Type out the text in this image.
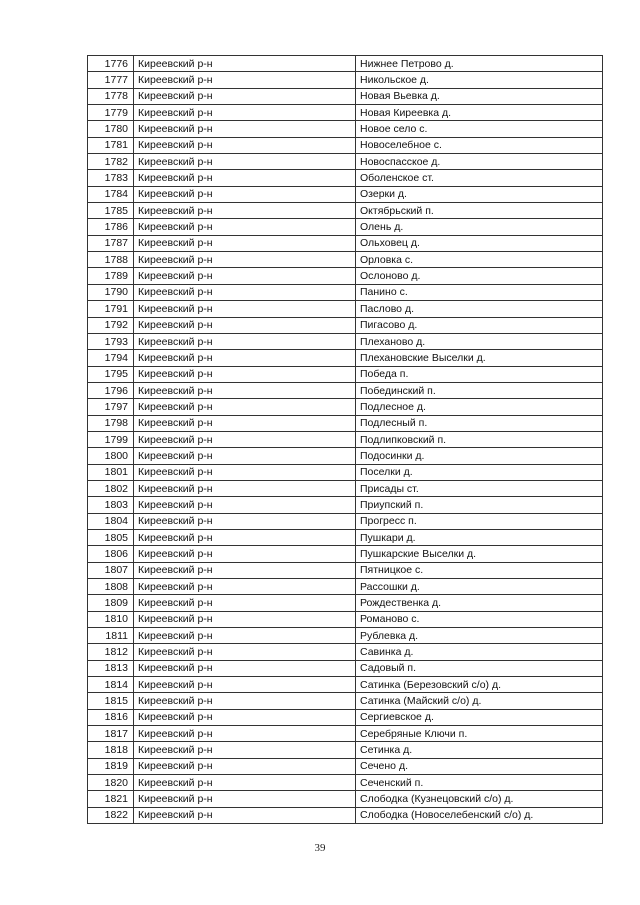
1776	Киреевский р-н	Нижнее Петрово д.
1777	Киреевский р-н	Никольское д.
1778	Киреевский р-н	Новая Вьевка д.
1779	Киреевский р-н	Новая Киреевка д.
1780	Киреевский р-н	Новое село с.
1781	Киреевский р-н	Новоселебное с.
1782	Киреевский р-н	Новоспасское д.
1783	Киреевский р-н	Оболенское ст.
1784	Киреевский р-н	Озерки д.
1785	Киреевский р-н	Октябрьский п.
1786	Киреевский р-н	Олень д.
1787	Киреевский р-н	Ольховец д.
1788	Киреевский р-н	Орловка с.
1789	Киреевский р-н	Ослоново д.
1790	Киреевский р-н	Панино с.
1791	Киреевский р-н	Паслово д.
1792	Киреевский р-н	Пигасово д.
1793	Киреевский р-н	Плеханово д.
1794	Киреевский р-н	Плехановские Выселки д.
1795	Киреевский р-н	Победа п.
1796	Киреевский р-н	Побединский п.
1797	Киреевский р-н	Подлесное д.
1798	Киреевский р-н	Подлесный п.
1799	Киреевский р-н	Подлипковский п.
1800	Киреевский р-н	Подосинки д.
1801	Киреевский р-н	Поселки д.
1802	Киреевский р-н	Присады ст.
1803	Киреевский р-н	Приупский п.
1804	Киреевский р-н	Прогресс п.
1805	Киреевский р-н	Пушкари д.
1806	Киреевский р-н	Пушкарские Выселки д.
1807	Киреевский р-н	Пятницкое с.
1808	Киреевский р-н	Рассошки д.
1809	Киреевский р-н	Рождественка д.
1810	Киреевский р-н	Романово с.
1811	Киреевский р-н	Рублевка д.
1812	Киреевский р-н	Савинка д.
1813	Киреевский р-н	Садовый п.
1814	Киреевский р-н	Сатинка (Березовский с/о) д.
1815	Киреевский р-н	Сатинка (Майский с/о) д.
1816	Киреевский р-н	Сергиевское д.
1817	Киреевский р-н	Серебряные Ключи п.
1818	Киреевский р-н	Сетинка д.
1819	Киреевский р-н	Сечено д.
1820	Киреевский р-н	Сеченский п.
1821	Киреевский р-н	Слободка (Кузнецовский с/о) д.
1822	Киреевский р-н	Слободка (Новоселебенский с/о) д.
39
